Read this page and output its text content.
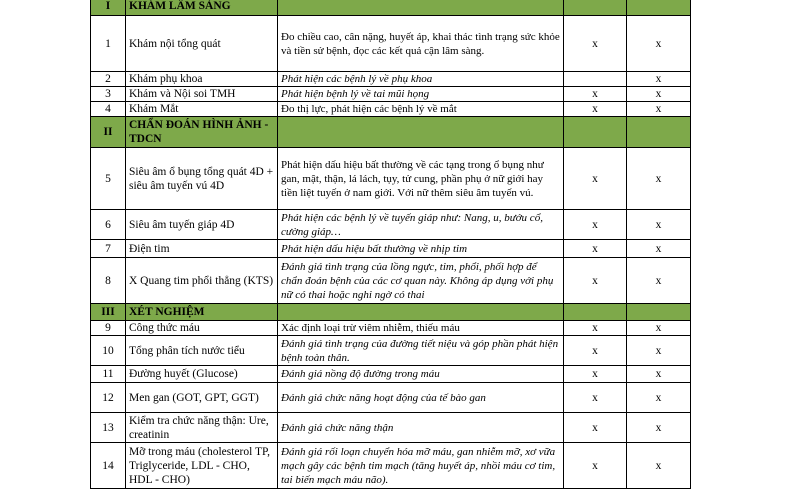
I	KHÁM LÂM SÀNG			
1	Khám nội tổng quát	Đo chiều cao, cân nặng, huyết áp, khai thác tình trạng sức khỏe và tiền sử bệnh, đọc các kết quả cận lâm sàng.	x	x
2	Khám phụ khoa	Phát hiện các bệnh lý về phụ khoa		x
3	Khám và Nội soi TMH	Phát hiện bệnh lý về tai mũi họng	x	x
4	Khám Mắt	Đo thị lực, phát hiện các bệnh lý về mắt	x	x
II	CHẨN ĐOÁN HÌNH ẢNH - TDCN			
5	Siêu âm ổ bụng tổng quát 4D + siêu âm tuyến vú 4D	Phát hiện dấu hiệu bất thường về các tạng trong ổ bụng như gan, mật, thận, lá lách, tụy, tử cung, phần phụ ở nữ giới hay tiền liệt tuyến ở nam giới. Với nữ thêm siêu âm tuyến vú.	x	x
6	Siêu âm tuyến giáp 4D	Phát hiện các bệnh lý về tuyến giáp như: Nang, u, bướu cổ, cường giáp…	x	x
7	Điện tim	Phát hiện dấu hiệu bất thường về nhịp tim	x	x
8	X Quang tim phổi thẳng (KTS)	Đánh giá tình trạng của lồng ngực, tim, phổi, phối hợp để chẩn đoán bệnh của các cơ quan này. Không áp dụng với phụ nữ có thai hoặc nghi ngờ có thai	x	x
III	XÉT NGHIỆM			
9	Công thức máu	Xác định loại trừ viêm nhiễm, thiếu máu	x	x
10	Tổng phân tích nước tiểu	Đánh giá tình trạng của đường tiết niệu và góp phần phát hiện bệnh toàn thân.	x	x
11	Đường huyết (Glucose)	Đánh giá nồng độ đường trong máu	x	x
12	Men gan (GOT, GPT, GGT)	Đánh giá chức năng hoạt động của tế bào gan	x	x
13	Kiểm tra chức năng thận: Ure, creatinin	Đánh giá chức năng thận	x	x
14	Mỡ trong máu (cholesterol TP, Triglyceride, LDL - CHO, HDL - CHO)	Đánh giá rối loạn chuyển hóa mỡ máu, gan nhiễm mỡ, xơ vữa mạch gây các bệnh tim mạch (tăng huyết áp, nhồi máu cơ tim, tai biến mạch máu não).	x	x
